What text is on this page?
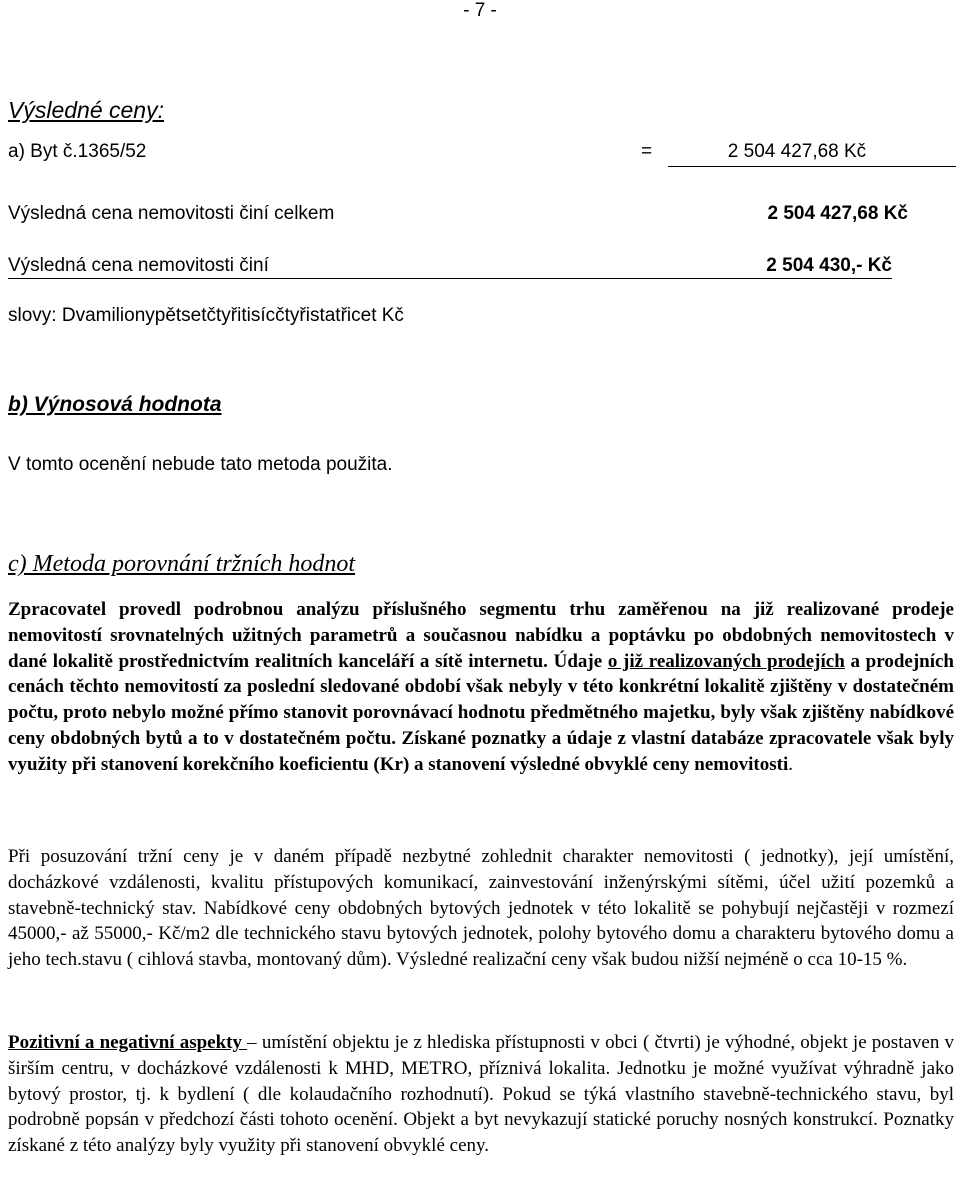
- 7 -
Výsledné ceny:
a) Byt č.1365/52	=	2 504 427,68 Kč
Výsledná cena nemovitosti činí celkem	2 504 427,68 Kč
Výsledná cena nemovitosti činí	2 504 430,- Kč
slovy: Dvamilionypětsetčtyřitisícčtyřistatřicet Kč
b) Výnosová hodnota
V tomto ocenění nebude tato metoda použita.
c) Metoda porovnání tržních hodnot
Zpracovatel provedl podrobnou analýzu příslušného segmentu trhu zaměřenou na již realizované prodeje nemovitostí srovnatelných užitných parametrů a současnou nabídku a poptávku po obdobných nemovitostech v dané lokalitě prostřednictvím realitních kanceláří a sítě internetu. Údaje o již realizovaných prodejích a prodejních cenách těchto nemovitostí za poslední sledované období však nebyly v této konkrétní lokalitě zjištěny v dostatečném počtu, proto nebylo možné přímo stanovit porovnávací hodnotu předmětného majetku, byly však zjištěny nabídkové ceny obdobných bytů a to v dostatečném počtu. Získané poznatky a údaje z vlastní databáze zpracovatele však byly využity při stanovení korekčního koeficientu (Kr) a stanovení výsledné obvyklé ceny nemovitosti.
Při posuzování tržní ceny je v daném případě nezbytné zohlednit charakter nemovitosti ( jednotky), její umístění, docházkové vzdálenosti, kvalitu přístupových komunikací, zainvestování inženýrskými sítěmi, účel užití pozemků a stavebně-technický stav. Nabídkové ceny obdobných bytových jednotek v této lokalitě se pohybují nejčastěji v rozmezí 45000,- až 55000,- Kč/m2 dle technického stavu bytových jednotek, polohy bytového domu a charakteru bytového domu a jeho tech.stavu ( cihlová stavba, montovaný dům). Výsledné realizační ceny však budou nižší nejméně o cca 10-15 %.
Pozitivní a negativní aspekty – umístění objektu je z hlediska přístupnosti v obci ( čtvrti) je výhodné, objekt je postaven v širším centru, v docházkové vzdálenosti k MHD, METRO, příznivá lokalita. Jednotku je možné využívat výhradně jako bytový prostor, tj. k bydlení ( dle kolaudačního rozhodnutí). Pokud se týká vlastního stavebně-technického stavu, byl podrobně popsán v předchozí části tohoto ocenění. Objekt a byt nevykazují statické poruchy nosných konstrukcí. Poznatky získané z této analýzy byly využity při stanovení obvyklé ceny.
